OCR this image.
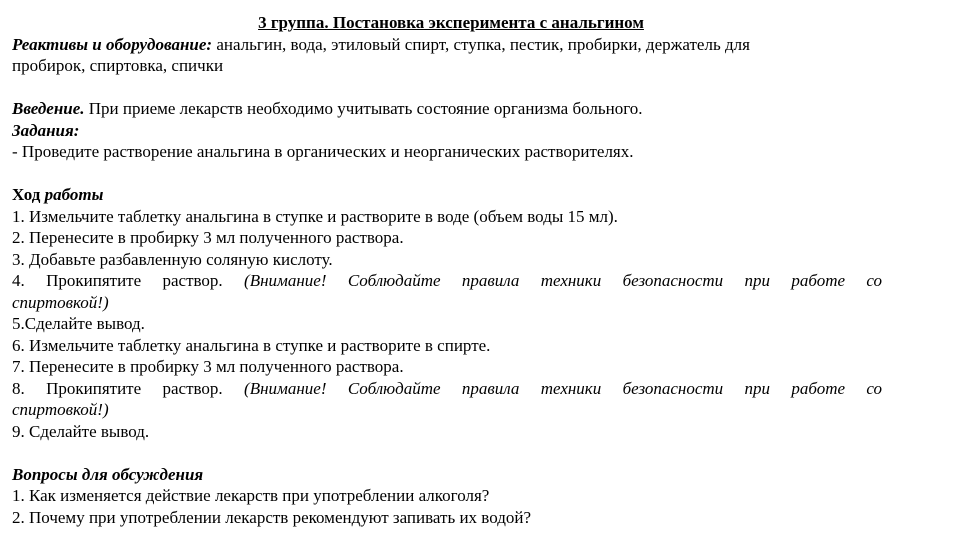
3 группа. Постановка эксперимента с анальгином
Реактивы и оборудование: анальгин, вода, этиловый спирт, ступка, пестик, пробирки, держатель для
пробирок, спиртовка, спички
Введение. При приеме лекарств необходимо учитывать состояние организма больного.
Задания:
- Проведите растворение анальгина в органических и неорганических растворителях.
Ход работы
1. Измельчите таблетку анальгина в ступке и растворите в воде (объем воды 15 мл).
2. Перенесите в пробирку 3 мл полученного раствора.
3. Добавьте разбавленную соляную кислоту.
4. Прокипятите раствор. (Внимание! Соблюдайте правила техники безопасности при работе со
спиртовкой!)
5.Сделайте вывод.
6. Измельчите таблетку анальгина в ступке и растворите в спирте.
7. Перенесите в пробирку 3 мл полученного раствора.
8. Прокипятите раствор. (Внимание! Соблюдайте правила техники безопасности при работе со
спиртовкой!)
9. Сделайте вывод.
Вопросы для обсуждения
1. Как изменяется действие лекарств при употреблении алкоголя?
2. Почему при употреблении лекарств рекомендуют запивать их водой?
